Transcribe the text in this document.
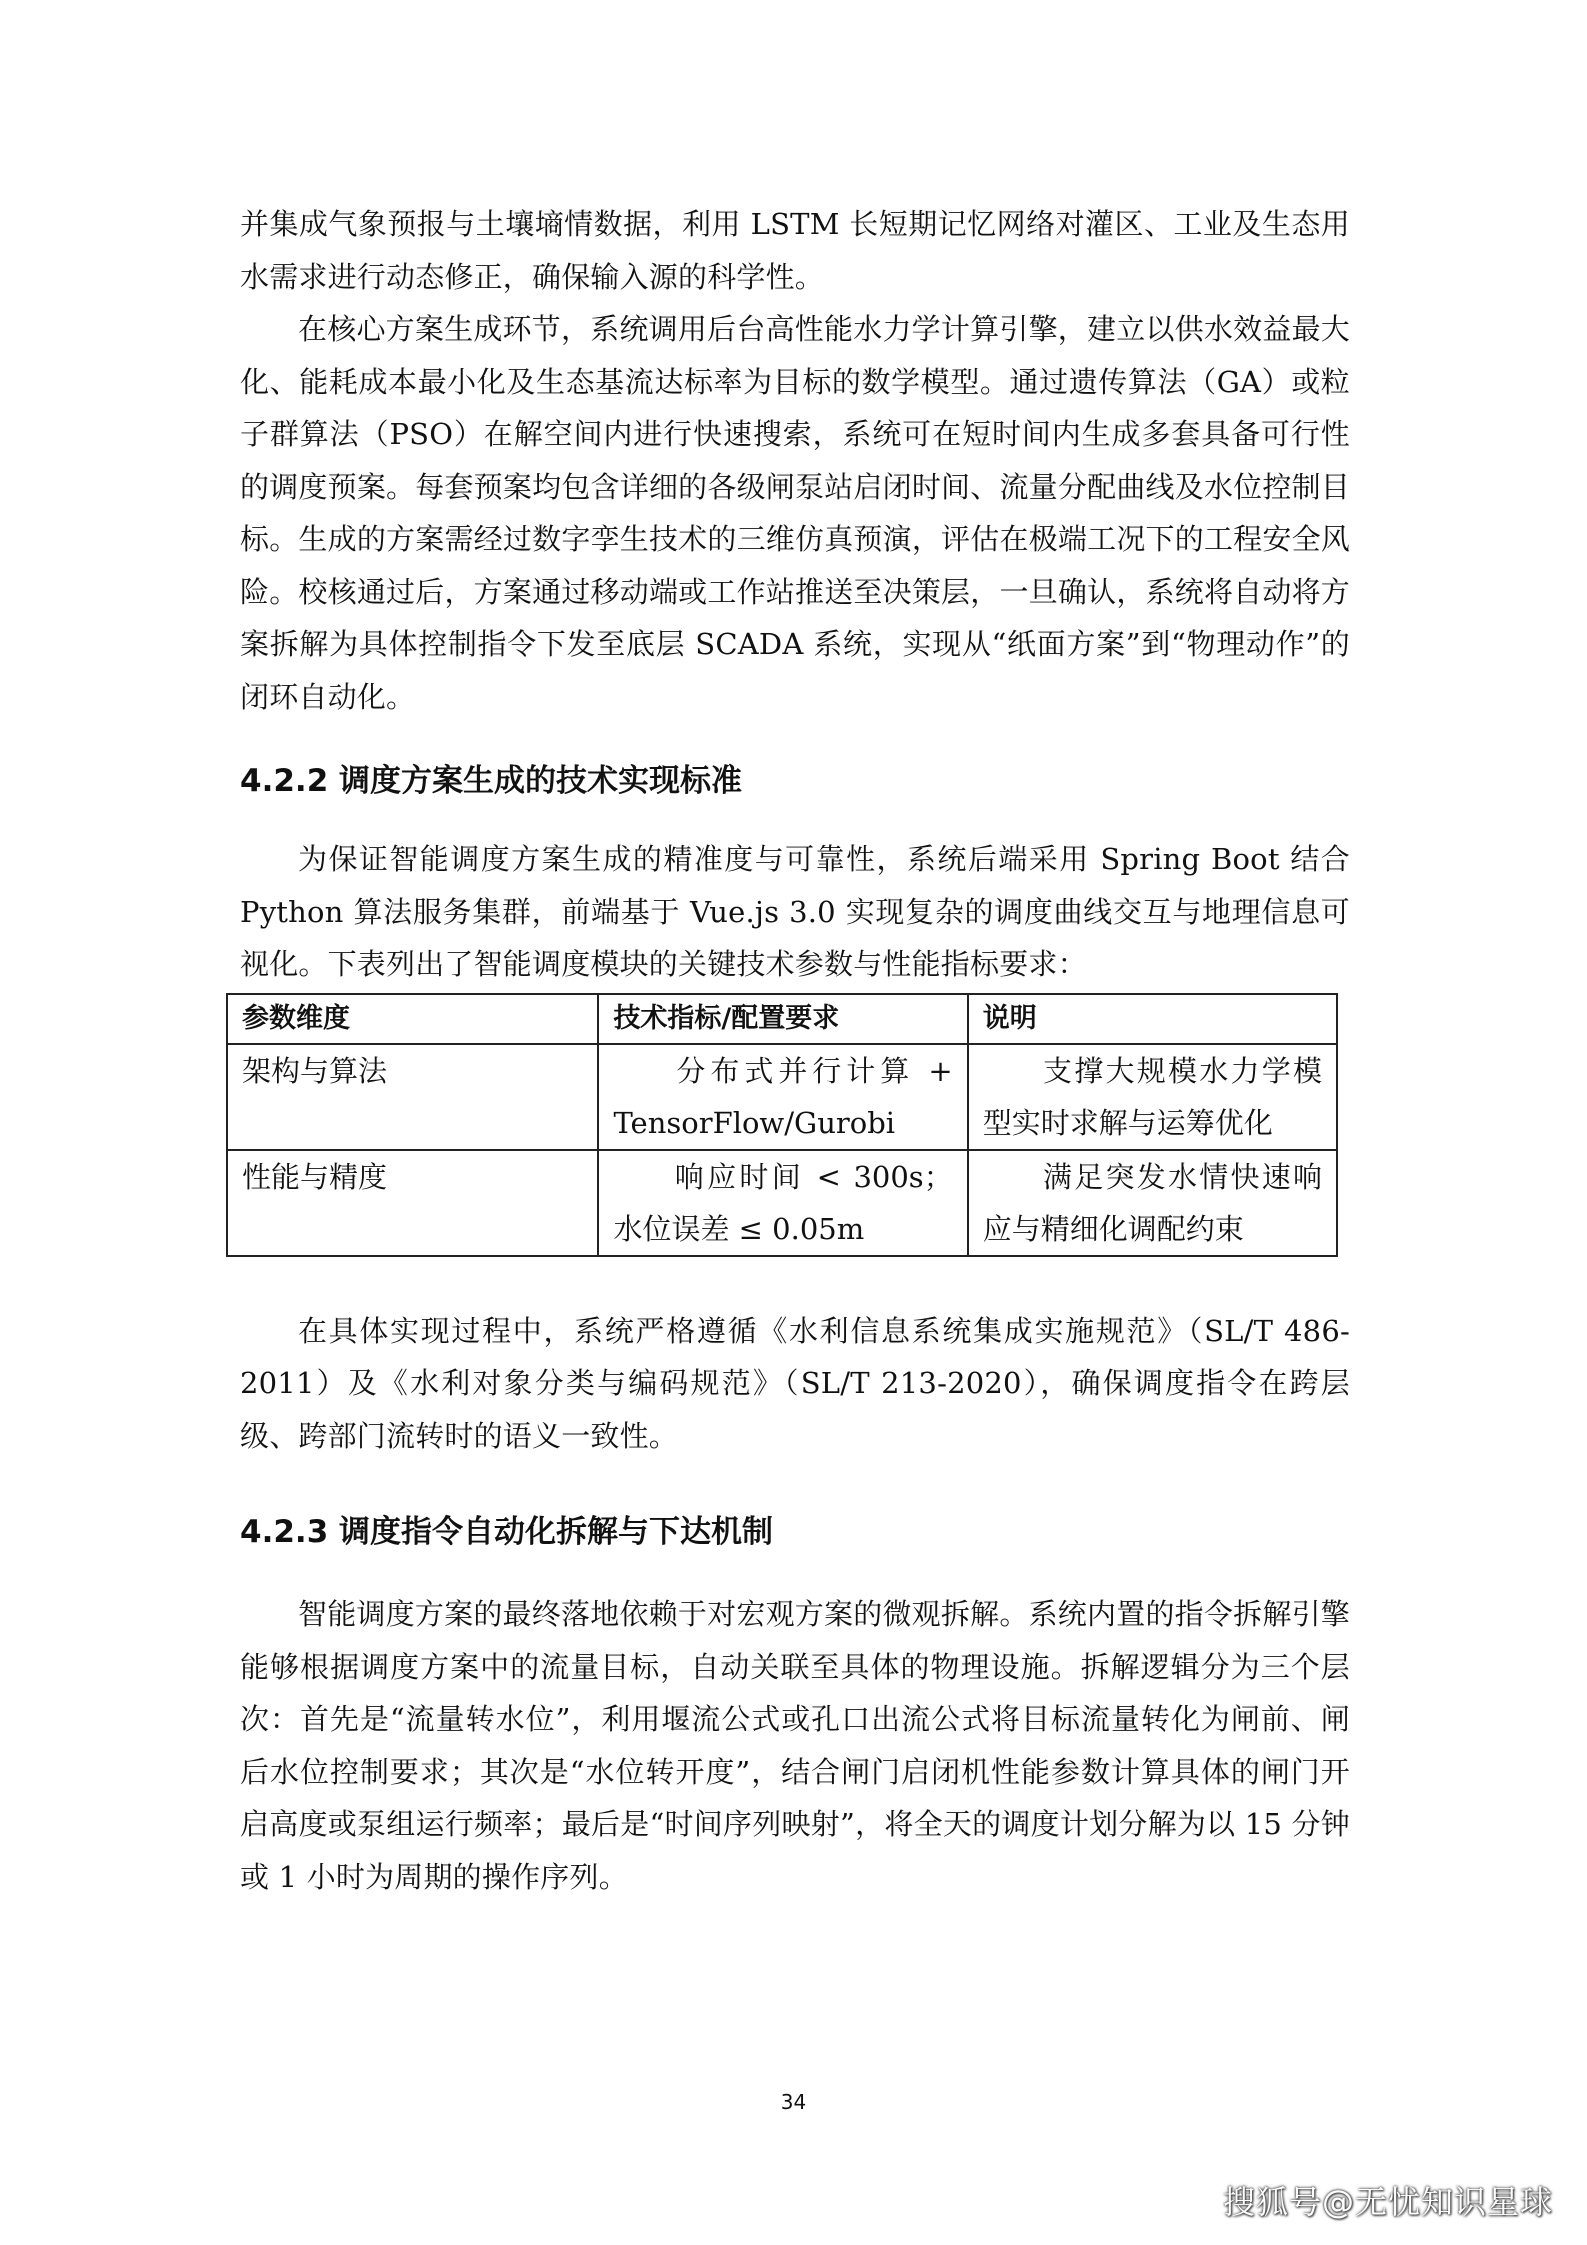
并集成气象预报与土壤墒情数据，利用 LSTM 长短期记忆网络对灌区、工业及生态用水需求进行动态修正，确保输入源的科学性。

在核心方案生成环节，系统调用后台高性能水力学计算引擎，建立以供水效益最大化、能耗成本最小化及生态基流达标率为目标的数学模型。通过遗传算法（GA）或粒子群算法（PSO）在解空间内进行快速搜索，系统可在短时间内生成多套具备可行性的调度预案。每套预案均包含详细的各级闸泵站启闭时间、流量分配曲线及水位控制目标。生成的方案需经过数字孪生技术的三维仿真预演，评估在极端工况下的工程安全风险。校核通过后，方案通过移动端或工作站推送至决策层，一旦确认，系统将自动将方案拆解为具体控制指令下发至底层 SCADA 系统，实现从“纸面方案”到“物理动作”的闭环自动化。

4.2.2 调度方案生成的技术实现标准

为保证智能调度方案生成的精准度与可靠性，系统后端采用 Spring Boot 结合 Python 算法服务集群，前端基于 Vue.js 3.0 实现复杂的调度曲线交互与地理信息可视化。下表列出了智能调度模块的关键技术参数与性能指标要求：

参数维度	技术指标/配置要求	说明
架构与算法	分布式并行计算 + TensorFlow/Gurobi	支撑大规模水力学模型实时求解与运筹优化
性能与精度	响应时间 < 300s；水位误差 ≤ 0.05m	满足突发水情快速响应与精细化调配约束

在具体实现过程中，系统严格遵循《水利信息系统集成实施规范》（SL/T 486-2011）及《水利对象分类与编码规范》（SL/T 213-2020），确保调度指令在跨层级、跨部门流转时的语义一致性。

4.2.3 调度指令自动化拆解与下达机制

智能调度方案的最终落地依赖于对宏观方案的微观拆解。系统内置的指令拆解引擎能够根据调度方案中的流量目标，自动关联至具体的物理设施。拆解逻辑分为三个层次：首先是“流量转水位”，利用堰流公式或孔口出流公式将目标流量转化为闸前、闸后水位控制要求；其次是“水位转开度”，结合闸门启闭机性能参数计算具体的闸门开启高度或泵组运行频率；最后是“时间序列映射”，将全天的调度计划分解为以 15 分钟或 1 小时为周期的操作序列。

34
搜狐号@无忧知识星球
